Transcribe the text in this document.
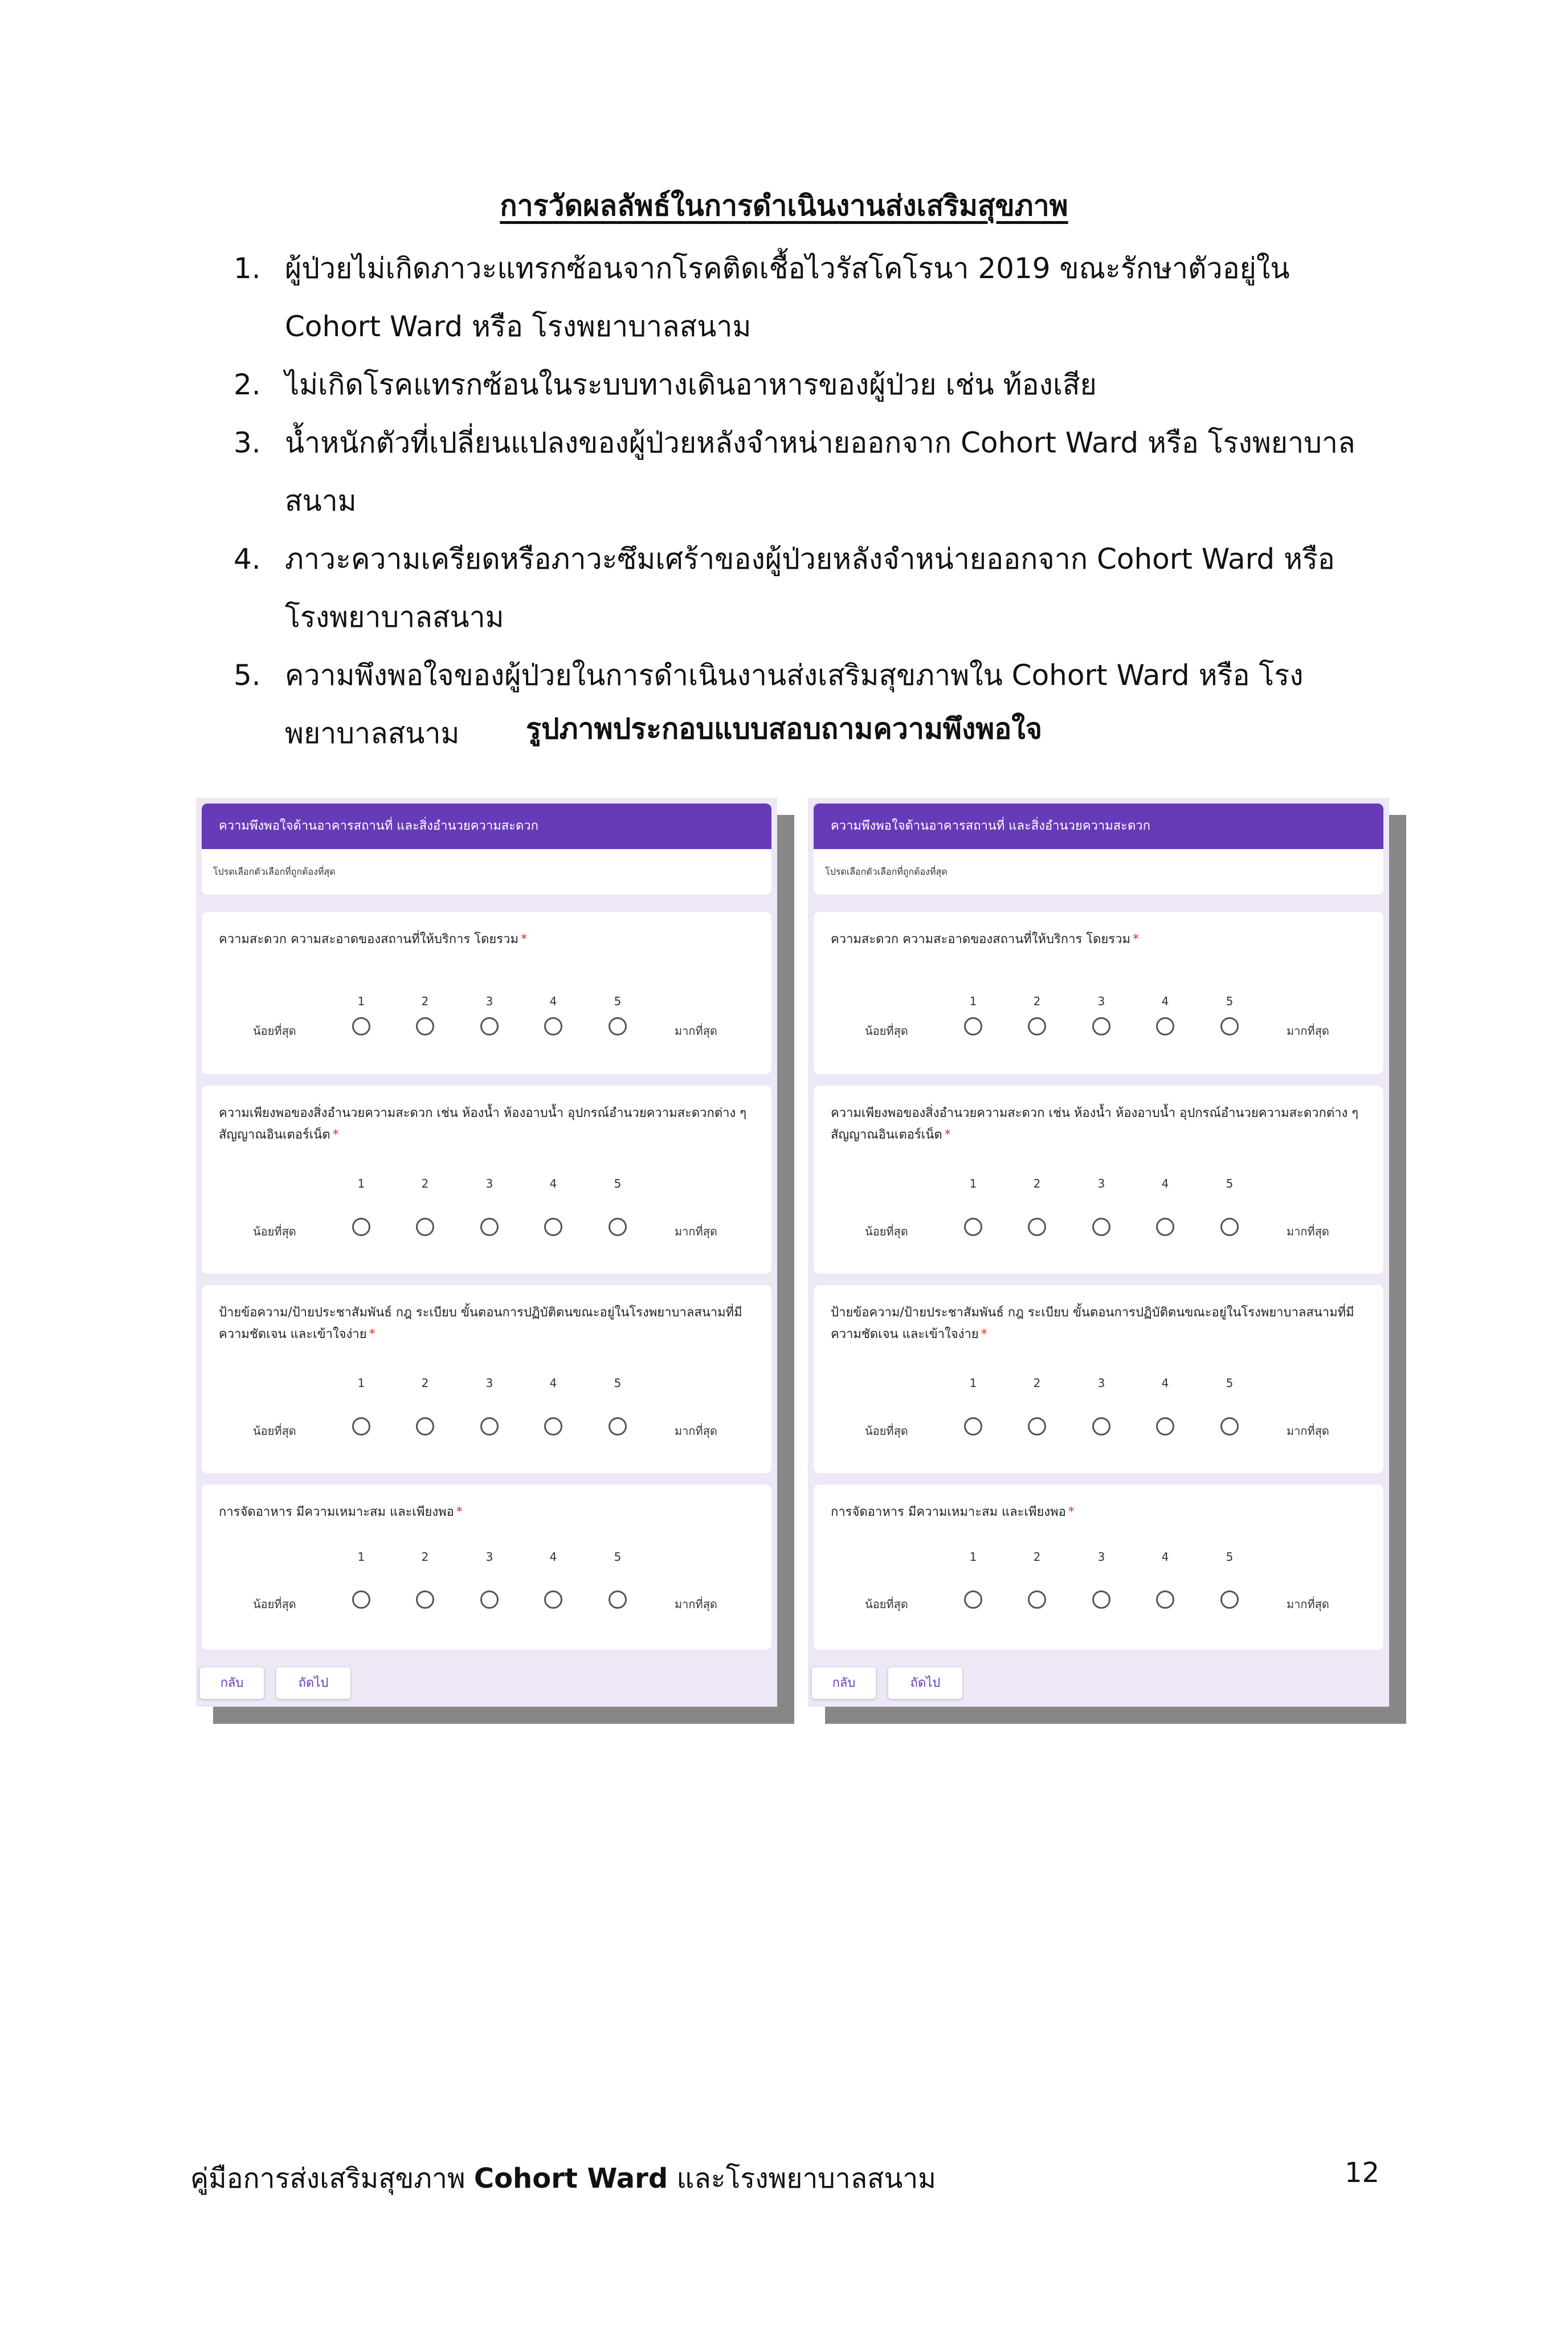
การวัดผลลัพธ์ในการดำเนินงานส่งเสริมสุขภาพ
1. ผู้ป่วยไม่เกิดภาวะแทรกซ้อนจากโรคติดเชื้อไวรัสโคโรนา 2019 ขณะรักษาตัวอยู่ใน Cohort Ward หรือ โรงพยาบาลสนาม
2. ไม่เกิดโรคแทรกซ้อนในระบบทางเดินอาหารของผู้ป่วย เช่น ท้องเสีย
3. น้ำหนักตัวที่เปลี่ยนแปลงของผู้ป่วยหลังจำหน่ายออกจาก Cohort Ward หรือ โรงพยาบาลสนาม
4. ภาวะความเครียดหรือภาวะซึมเศร้าของผู้ป่วยหลังจำหน่ายออกจาก Cohort Ward หรือ โรงพยาบาลสนาม
5. ความพึงพอใจของผู้ป่วยในการดำเนินงานส่งเสริมสุขภาพใน Cohort Ward หรือ โรงพยาบาลสนาม	รูปภาพประกอบแบบสอบถามความพึงพอใจ
ความพึงพอใจด้านอาคารสถานที่ และสิ่งอำนวยความสะดวก
โปรดเลือกตัวเลือกที่ถูกต้องที่สุด
ความสะดวก ความสะอาดของสถานที่ให้บริการ โดยรวม *
1	2	3	4	5
น้อยที่สุด	มากที่สุด
ความเพียงพอของสิ่งอำนวยความสะดวก เช่น ห้องน้ำ ห้องอาบน้ำ อุปกรณ์อำนวยความสะดวกต่าง ๆ สัญญาณอินเตอร์เน็ต *
1	2	3	4	5
น้อยที่สุด	มากที่สุด
ป้ายข้อความ/ป้ายประชาสัมพันธ์ กฎ ระเบียบ ขั้นตอนการปฏิบัติตนขณะอยู่ในโรงพยาบาลสนามที่มีความชัดเจน และเข้าใจง่าย *
1	2	3	4	5
น้อยที่สุด	มากที่สุด
การจัดอาหาร มีความเหมาะสม และเพียงพอ *
1	2	3	4	5
น้อยที่สุด	มากที่สุด
กลับ	ถัดไป
ความพึงพอใจด้านอาคารสถานที่ และสิ่งอำนวยความสะดวก
โปรดเลือกตัวเลือกที่ถูกต้องที่สุด
ความสะดวก ความสะอาดของสถานที่ให้บริการ โดยรวม *
1	2	3	4	5
น้อยที่สุด	มากที่สุด
ความเพียงพอของสิ่งอำนวยความสะดวก เช่น ห้องน้ำ ห้องอาบน้ำ อุปกรณ์อำนวยความสะดวกต่าง ๆ สัญญาณอินเตอร์เน็ต *
1	2	3	4	5
น้อยที่สุด	มากที่สุด
ป้ายข้อความ/ป้ายประชาสัมพันธ์ กฎ ระเบียบ ขั้นตอนการปฏิบัติตนขณะอยู่ในโรงพยาบาลสนามที่มีความชัดเจน และเข้าใจง่าย *
1	2	3	4	5
น้อยที่สุด	มากที่สุด
การจัดอาหาร มีความเหมาะสม และเพียงพอ *
1	2	3	4	5
น้อยที่สุด	มากที่สุด
กลับ	ถัดไป
คู่มือการส่งเสริมสุขภาพ Cohort Ward และโรงพยาบาลสนาม	12
